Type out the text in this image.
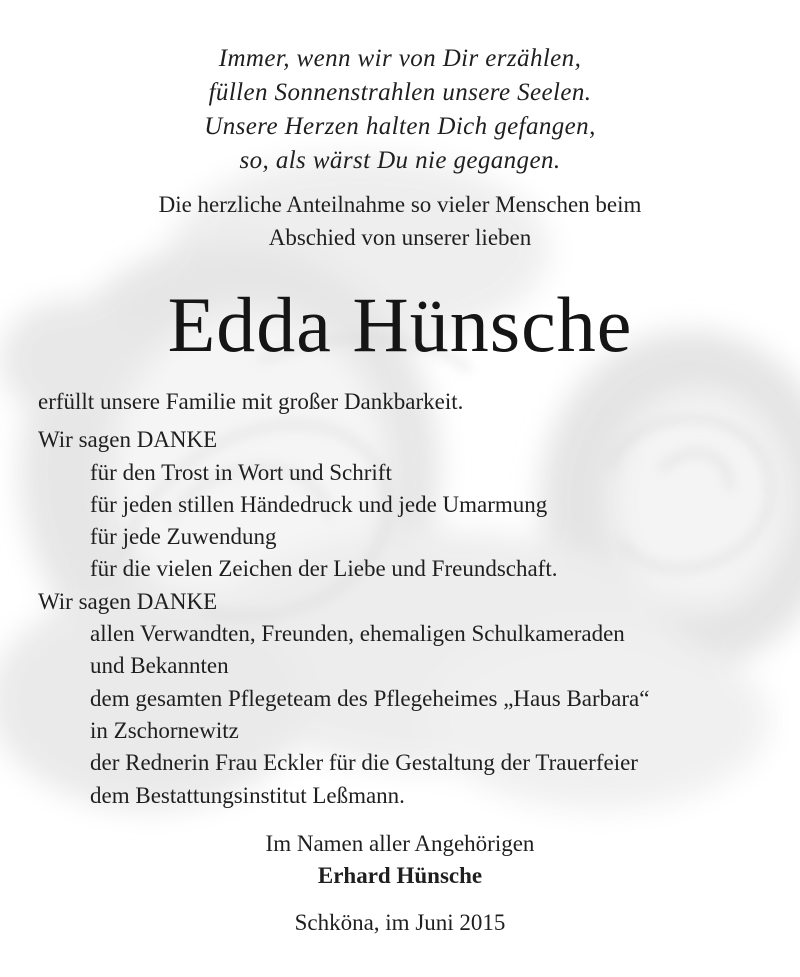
Immer, wenn wir von Dir erzählen,
füllen Sonnenstrahlen unsere Seelen.
Unsere Herzen halten Dich gefangen,
so, als wärst Du nie gegangen.
Die herzliche Anteilnahme so vieler Menschen beim
Abschied von unserer lieben
Edda Hünsche
erfüllt unsere Familie mit großer Dankbarkeit.
Wir sagen DANKE
für den Trost in Wort und Schrift
für jeden stillen Händedruck und jede Umarmung
für jede Zuwendung
für die vielen Zeichen der Liebe und Freundschaft.
Wir sagen DANKE
allen Verwandten, Freunden, ehemaligen Schulkameraden
und Bekannten
dem gesamten Pflegeteam des Pflegeheimes „Haus Barbara“
in Zschornewitz
der Rednerin Frau Eckler für die Gestaltung der Trauerfeier
dem Bestattungsinstitut Leßmann.
Im Namen aller Angehörigen
Erhard Hünsche
Schköna, im Juni 2015
